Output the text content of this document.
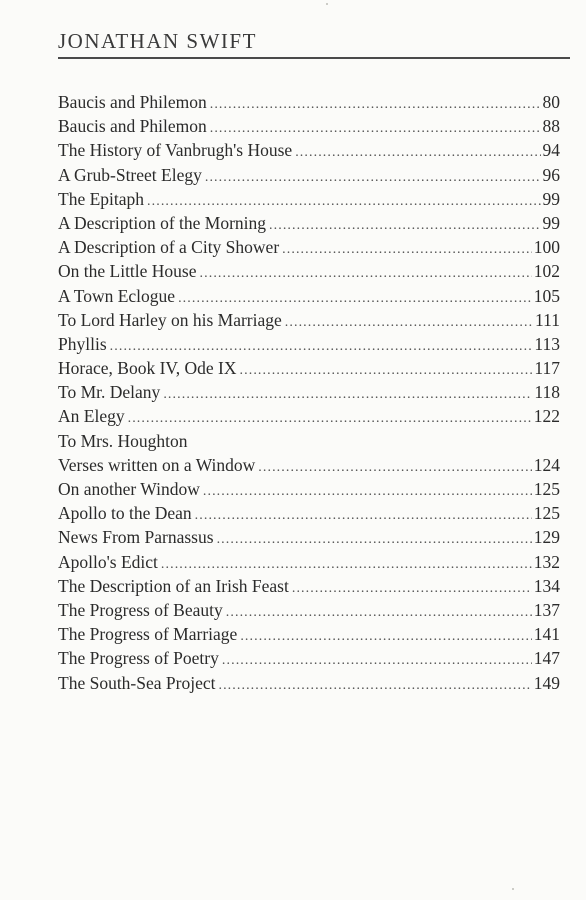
JONATHAN SWIFT
Baucis and Philemon . . .	80
Baucis and Philemon . . .	88
The History of Vanbrugh's House . . .	94
A Grub-Street Elegy . . .	96
The Epitaph . . .	99
A Description of the Morning . . .	99
A Description of a City Shower . . .	100
On the Little House . . .	102
A Town Eclogue . . .	105
To Lord Harley on his Marriage . . .	111
Phyllis . . .	113
Horace, Book IV, Ode IX . . .	117
To Mr. Delany . . .	118
An Elegy . . .	122
To Mrs. Houghton
Verses written on a Window . . .	124
On another Window . . .	125
Apollo to the Dean . . .	125
News From Parnassus . . .	129
Apollo's Edict . . .	132
The Description of an Irish Feast . . .	134
The Progress of Beauty . . .	137
The Progress of Marriage . . .	141
The Progress of Poetry . . .	147
The South-Sea Project . . .	149
